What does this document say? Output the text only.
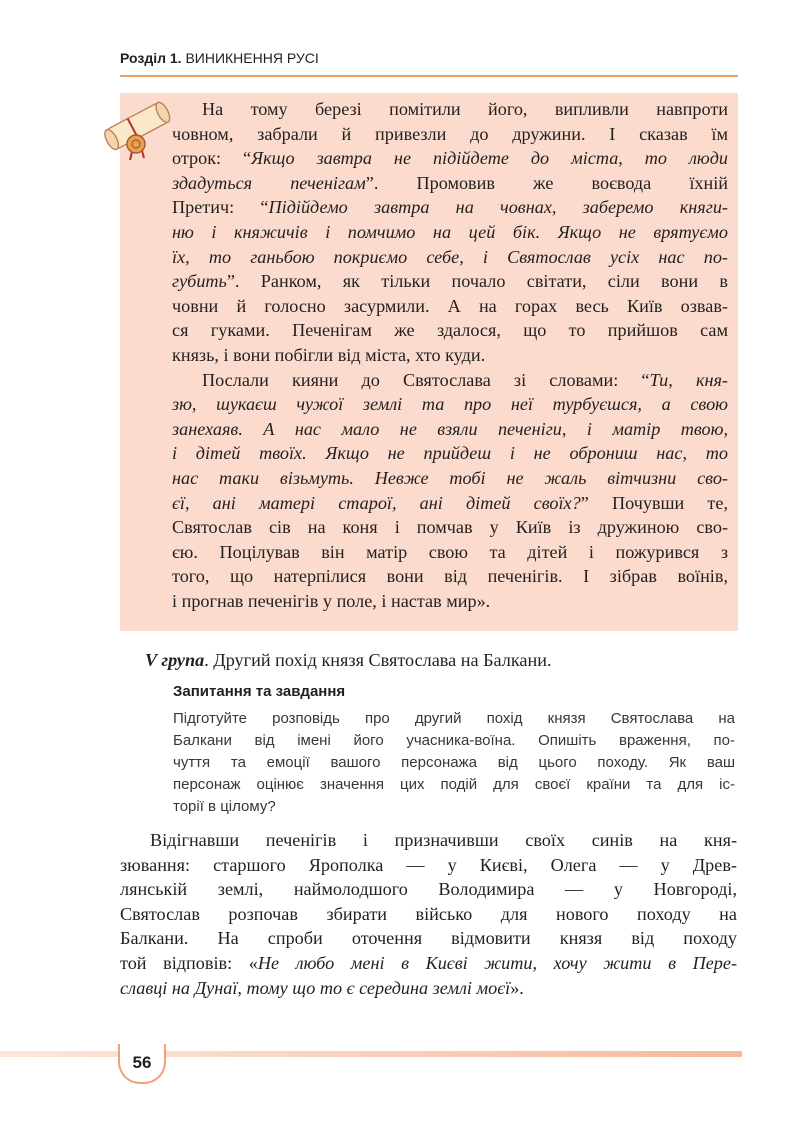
Розділ 1. ВИНИКНЕННЯ РУСІ
На тому березі помітили його, випливли навпроти
човном, забрали й привезли до дружини. І сказав їм
отрок: “Якщо завтра не підійдете до міста, то люди
здадуться печенігам”. Промовив же воєвода їхній
Претич: “Підійдемо завтра на човнах, заберемо княги-
ню і княжичів і помчимо на цей бік. Якщо не врятуємо
їх, то ганьбою покриємо себе, і Святослав усіх нас по-
губить”. Ранком, як тільки почало світати, сіли вони в
човни й голосно засурмили. А на горах весь Київ озвав-
ся гуками. Печенігам же здалося, що то прийшов сам
князь, і вони побігли від міста, хто куди.
Послали кияни до Святослава зі словами: “Ти, кня-
зю, шукаєш чужої землі та про неї турбуєшся, а свою
занехаяв. А нас мало не взяли печеніги, і матір твою,
і дітей твоїх. Якщо не прийдеш і не оброниш нас, то
нас таки візьмуть. Невже тобі не жаль вітчизни сво-
єї, ані матері старої, ані дітей своїх?” Почувши те,
Святослав сів на коня і помчав у Київ із дружиною сво-
єю. Поцілував він матір свою та дітей і пожурився з
того, що натерпілися вони від печенігів. І зібрав воїнів,
і прогнав печенігів у поле, і настав мир».
V група. Другий похід князя Святослава на Балкани.
Запитання та завдання
Підготуйте розповідь про другий похід князя Святослава на
Балкани від імені його учасника-воїна. Опишіть враження, по-
чуття та емоції вашого персонажа від цього походу. Як ваш
персонаж оцінює значення цих подій для своєї країни та для іс-
торії в цілому?
Відігнавши печенігів і призначивши своїх синів на кня-
зювання: старшого Ярополка — у Києві, Олега — у Древ-
лянській землі, наймолодшого Володимира — у Новгороді,
Святослав розпочав збирати військо для нового походу на
Балкани. На спроби оточення відмовити князя від походу
той відповів: «Не любо мені в Києві жити, хочу жити в Пере-
славці на Дунаї, тому що то є середина землі моєї».
56
